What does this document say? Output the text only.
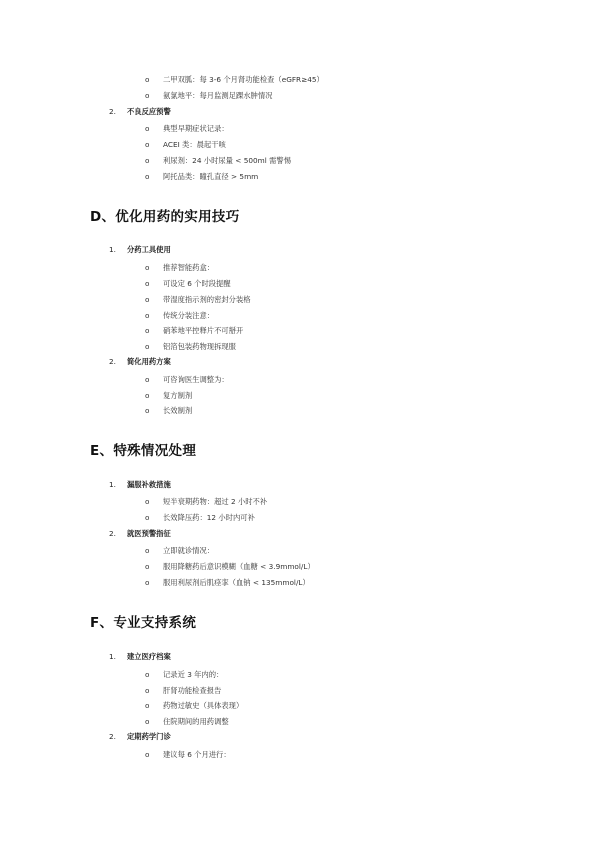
o 二甲双胍：每 3-6 个月肾功能检查（eGFR≥45）
o 氨氯地平：每月监测足踝水肿情况
2. 不良反应预警
o 典型早期症状记录：
o ACEI 类：晨起干咳
o 利尿剂：24 小时尿量 < 500ml 需警惕
o 阿托品类：瞳孔直径 > 5mm
D、优化用药的实用技巧
1. 分药工具使用
o 推荐智能药盒：
o 可设定 6 个时段提醒
o 带湿度指示剂的密封分装格
o 传统分装注意：
o 硝苯地平控释片不可掰开
o 铝箔包装药物现拆现服
2. 简化用药方案
o 可咨询医生调整为：
o 复方制剂
o 长效制剂
E、特殊情况处理
1. 漏服补救措施
o 短半衰期药物：超过 2 小时不补
o 长效降压药：12 小时内可补
2. 就医预警指征
o 立即就诊情况：
o 服用降糖药后意识模糊（血糖 < 3.9mmol/L）
o 服用利尿剂后肌痉挛（血钠 < 135mmol/L）
F、专业支持系统
1. 建立医疗档案
o 记录近 3 年内的：
o 肝肾功能检查报告
o 药物过敏史（具体表现）
o 住院期间的用药调整
2. 定期药学门诊
o 建议每 6 个月进行：
